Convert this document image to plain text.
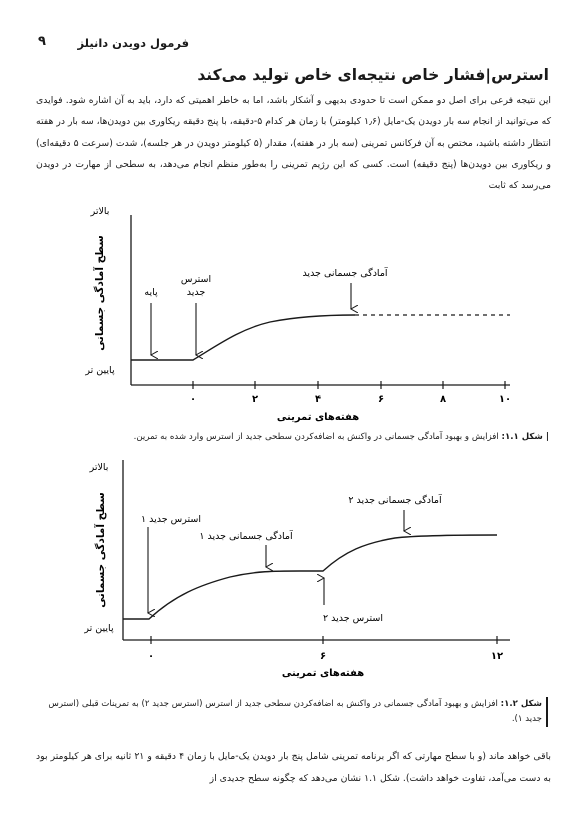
فرمول دویدن دانیلز
۹
استرس|فشار خاص نتیجه‌ای خاص تولید می‌کند
این نتیجه فرعی برای اصل دو ممکن است تا حدودی بدیهی و آشکار باشد، اما به خاطر اهمیتی که دارد، باید به آن اشاره شود. فوایدی که می‌توانید از انجام سه بار دویدن یک-مایل (۱٫۶ کیلومتر) با زمان هر کدام ۵-دقیقه، با پنج دقیقه ریکاوری بین دویدن‌ها، سه بار در هفته انتظار داشته باشید، مختص به آن فرکانس تمرینی (سه بار در هفته)، مقدار (۵ کیلومتر دویدن در هر جلسه)، شدت (سرعت ۵ دقیقه‌ای) و ریکاوری بین دویدن‌ها (پنج دقیقه) است. کسی که این رژیم تمرینی را به‌طور منظم انجام می‌دهد، به سطحی از مهارت در دویدن می‌رسد که ثابت
بالاتر
پایین تر
سطح آمادگی جسمانی	پایه
استرس
جدید
آمادگی جسمانی جدید
۰	۲	۴	۶	۸	۱۰
هفته‌های تمرینی
| شکل ۱.۱: افزایش و بهبود آمادگی جسمانی در واکنش به اضافه‌کردن سطحی جدید از استرس وارد شده به تمرین.
بالاتر
پایین تر
سطح آمادگی جسمانی	استرس جدید ۱
آمادگی جسمانی جدید ۱
استرس جدید ۲
آمادگی جسمانی جدید ۲
۰	۶	۱۲
هفته‌های تمرینی
شکل ۱.۲: افزایش و بهبود آمادگی جسمانی در واکنش به اضافه‌کردن سطحی جدید از استرس (استرس جدید ۲) به تمرینات قبلی (استرس جدید ۱).
باقی خواهد ماند (و با سطح مهارتی که اگر برنامه تمرینی شامل پنج بار دویدن یک-مایل با زمان ۴ دقیقه و ۲۱ ثانیه برای هر کیلومتر بود به دست می‌آمد، تفاوت خواهد داشت). شکل ۱.۱ نشان می‌دهد که چگونه سطح جدیدی از
